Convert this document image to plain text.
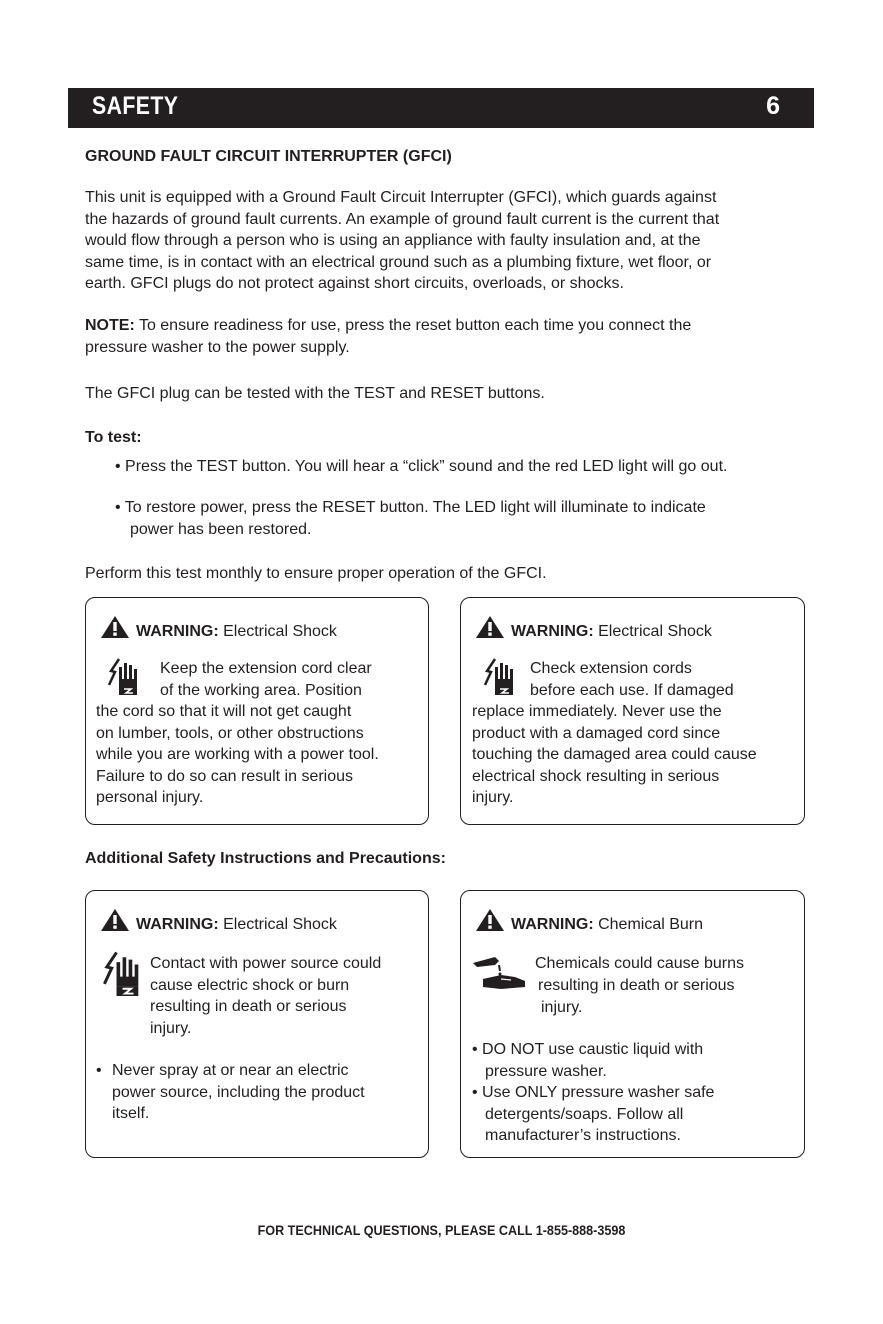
SAFETY	6
GROUND FAULT CIRCUIT INTERRUPTER (GFCI)
This unit is equipped with a Ground Fault Circuit Interrupter (GFCI), which guards against
the hazards of ground fault currents. An example of ground fault current is the current that
would flow through a person who is using an appliance with faulty insulation and, at the
same time, is in contact with an electrical ground such as a plumbing fixture, wet floor, or
earth. GFCI plugs do not protect against short circuits, overloads, or shocks.
NOTE: To ensure readiness for use, press the reset button each time you connect the
pressure washer to the power supply.
The GFCI plug can be tested with the TEST and RESET buttons.
To test:
• Press the TEST button. You will hear a “click” sound and the red LED light will go out.
• To restore power, press the RESET button. The LED light will illuminate to indicate
power has been restored.
Perform this test monthly to ensure proper operation of the GFCI.
WARNING: Electrical Shock
Keep the extension cord clear
of the working area. Position
the cord so that it will not get caught
on lumber, tools, or other obstructions
while you are working with a power tool.
Failure to do so can result in serious
personal injury.
WARNING: Electrical Shock
Check extension cords
before each use. If damaged
replace immediately. Never use the
product with a damaged cord since
touching the damaged area could cause
electrical shock resulting in serious
injury.
Additional Safety Instructions and Precautions:
WARNING: Electrical Shock
Contact with power source could
cause electric shock or burn
resulting in death or serious
injury.
• Never spray at or near an electric
power source, including the product
itself.
WARNING: Chemical Burn
Chemicals could cause burns
resulting in death or serious
injury.
• DO NOT use caustic liquid with
pressure washer.
• Use ONLY pressure washer safe
detergents/soaps. Follow all
manufacturer’s instructions.
FOR TECHNICAL QUESTIONS, PLEASE CALL 1-855-888-3598
